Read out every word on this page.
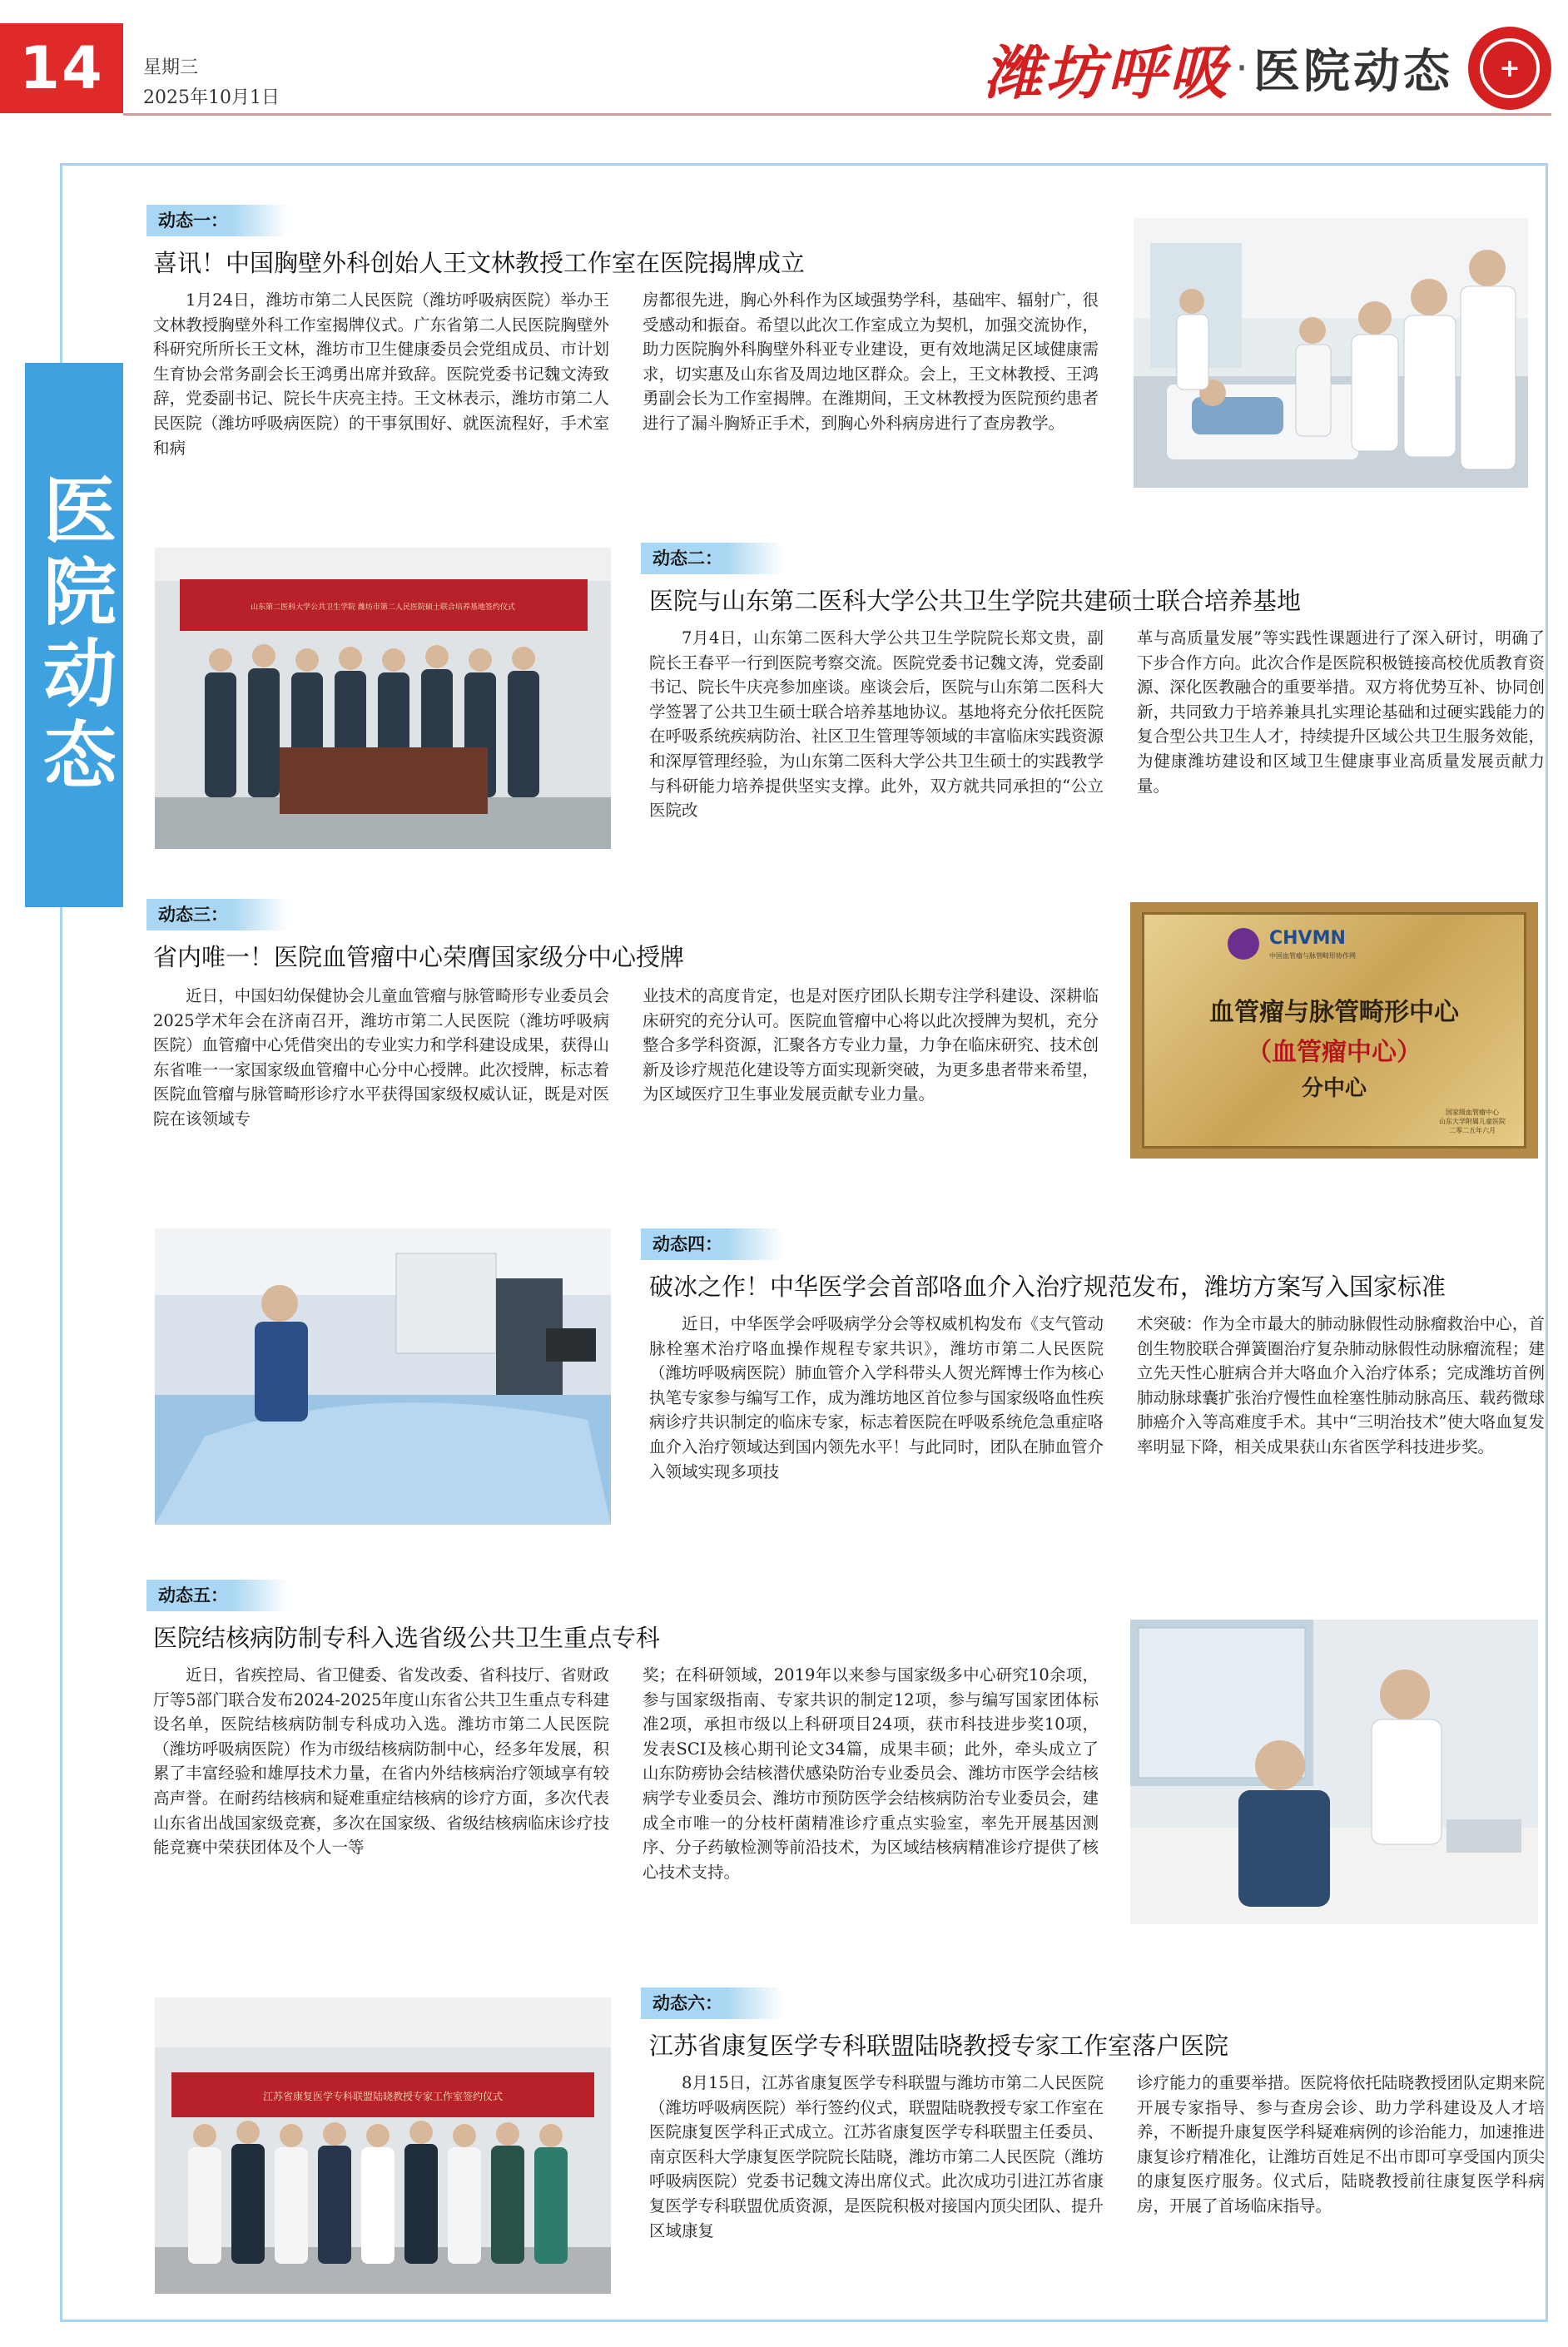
14	星期三
2025年10月1日	潍坊呼吸 · 医院动态	+
医院动态
动态一：
喜讯！中国胸壁外科创始人王文林教授工作室在医院揭牌成立

1月24日，潍坊市第二人民医院（潍坊呼吸病医院）举办王文林教授胸壁外科工作室揭牌仪式。广东省第二人民医院胸壁外科研究所所长王文林，潍坊市卫生健康委员会党组成员、市计划生育协会常务副会长王鸿勇出席并致辞。医院党委书记魏文涛致辞，党委副书记、院长牛庆亮主持。王文林表示，潍坊市第二人民医院（潍坊呼吸病医院）的干事氛围好、就医流程好，手术室和病

房都很先进，胸心外科作为区域强势学科，基础牢、辐射广，很受感动和振奋。希望以此次工作室成立为契机，加强交流协作，助力医院胸外科胸壁外科亚专业建设，更有效地满足区域健康需求，切实惠及山东省及周边地区群众。会上，王文林教授、王鸿勇副会长为工作室揭牌。在潍期间，王文林教授为医院预约患者进行了漏斗胸矫正手术，到胸心外科病房进行了查房教学。

山东第二医科大学公共卫生学院 潍坊市第二人民医院硕士联合培养基地签约仪式
动态二：
医院与山东第二医科大学公共卫生学院共建硕士联合培养基地

7月4日，山东第二医科大学公共卫生学院院长郑文贵，副院长王春平一行到医院考察交流。医院党委书记魏文涛，党委副书记、院长牛庆亮参加座谈。座谈会后，医院与山东第二医科大学签署了公共卫生硕士联合培养基地协议。基地将充分依托医院在呼吸系统疾病防治、社区卫生管理等领域的丰富临床实践资源和深厚管理经验，为山东第二医科大学公共卫生硕士的实践教学与科研能力培养提供坚实支撑。此外，双方就共同承担的“公立医院改

革与高质量发展”等实践性课题进行了深入研讨，明确了下步合作方向。此次合作是医院积极链接高校优质教育资源、深化医教融合的重要举措。双方将优势互补、协同创新，共同致力于培养兼具扎实理论基础和过硬实践能力的复合型公共卫生人才，持续提升区域公共卫生服务效能，为健康潍坊建设和区域卫生健康事业高质量发展贡献力量。

动态三：
省内唯一！医院血管瘤中心荣膺国家级分中心授牌

近日，中国妇幼保健协会儿童血管瘤与脉管畸形专业委员会2025学术年会在济南召开，潍坊市第二人民医院（潍坊呼吸病医院）血管瘤中心凭借突出的专业实力和学科建设成果，获得山东省唯一一家国家级血管瘤中心分中心授牌。此次授牌，标志着医院血管瘤与脉管畸形诊疗水平获得国家级权威认证，既是对医院在该领域专

业技术的高度肯定，也是对医疗团队长期专注学科建设、深耕临床研究的充分认可。医院血管瘤中心将以此次授牌为契机，充分整合多学科资源，汇聚各方专业力量，力争在临床研究、技术创新及诊疗规范化建设等方面实现新突破，为更多患者带来希望，为区域医疗卫生事业发展贡献专业力量。

CHVMN
中国血管瘤与脉管畸形协作网
血管瘤与脉管畸形中心
（血管瘤中心）
分中心
国家级血管瘤中心
山东大学附属儿童医院
二零二五年六月
动态四：
破冰之作！中华医学会首部咯血介入治疗规范发布，潍坊方案写入国家标准

近日，中华医学会呼吸病学分会等权威机构发布《支气管动脉栓塞术治疗咯血操作规程专家共识》，潍坊市第二人民医院（潍坊呼吸病医院）肺血管介入学科带头人贺光辉博士作为核心执笔专家参与编写工作，成为潍坊地区首位参与国家级咯血性疾病诊疗共识制定的临床专家，标志着医院在呼吸系统危急重症咯血介入治疗领域达到国内领先水平！与此同时，团队在肺血管介入领域实现多项技

术突破：作为全市最大的肺动脉假性动脉瘤救治中心，首创生物胶联合弹簧圈治疗复杂肺动脉假性动脉瘤流程；建立先天性心脏病合并大咯血介入治疗体系；完成潍坊首例肺动脉球囊扩张治疗慢性血栓塞性肺动脉高压、载药微球肺癌介入等高难度手术。其中“三明治技术”使大咯血复发率明显下降，相关成果获山东省医学科技进步奖。

动态五：
医院结核病防制专科入选省级公共卫生重点专科

近日，省疾控局、省卫健委、省发改委、省科技厅、省财政厅等5部门联合发布2024-2025年度山东省公共卫生重点专科建设名单，医院结核病防制专科成功入选。潍坊市第二人民医院（潍坊呼吸病医院）作为市级结核病防制中心，经多年发展，积累了丰富经验和雄厚技术力量，在省内外结核病治疗领域享有较高声誉。在耐药结核病和疑难重症结核病的诊疗方面，多次代表山东省出战国家级竞赛，多次在国家级、省级结核病临床诊疗技能竞赛中荣获团体及个人一等

奖；在科研领域，2019年以来参与国家级多中心研究10余项，参与国家级指南、专家共识的制定12项，参与编写国家团体标准2项，承担市级以上科研项目24项，获市科技进步奖10项，发表SCI及核心期刊论文34篇，成果丰硕；此外，牵头成立了山东防痨协会结核潜伏感染防治专业委员会、潍坊市医学会结核病学专业委员会、潍坊市预防医学会结核病防治专业委员会，建成全市唯一的分枝杆菌精准诊疗重点实验室，率先开展基因测序、分子药敏检测等前沿技术，为区域结核病精准诊疗提供了核心技术支持。

江苏省康复医学专科联盟陆晓教授专家工作室签约仪式
动态六：
江苏省康复医学专科联盟陆晓教授专家工作室落户医院

8月15日，江苏省康复医学专科联盟与潍坊市第二人民医院（潍坊呼吸病医院）举行签约仪式，联盟陆晓教授专家工作室在医院康复医学科正式成立。江苏省康复医学专科联盟主任委员、南京医科大学康复医学院院长陆晓，潍坊市第二人民医院（潍坊呼吸病医院）党委书记魏文涛出席仪式。此次成功引进江苏省康复医学专科联盟优质资源，是医院积极对接国内顶尖团队、提升区域康复

诊疗能力的重要举措。医院将依托陆晓教授团队定期来院开展专家指导、参与查房会诊、助力学科建设及人才培养，不断提升康复医学科疑难病例的诊治能力，加速推进康复诊疗精准化，让潍坊百姓足不出市即可享受国内顶尖的康复医疗服务。仪式后，陆晓教授前往康复医学科病房，开展了首场临床指导。
